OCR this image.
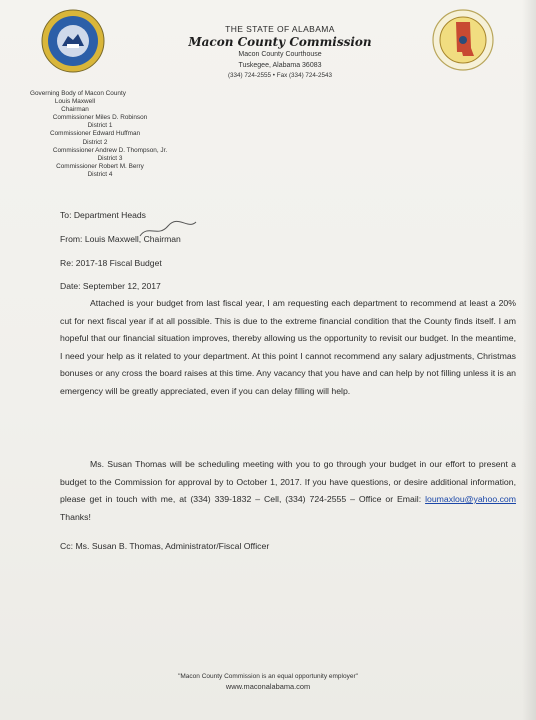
THE STATE OF ALABAMA
Macon County Commission
Macon County Courthouse
Tuskegee, Alabama 36083
(334) 724-2555 • Fax (334) 724-2543
Governing Body of Macon County
Louis Maxwell
Chairman
Commissioner Miles D. Robinson
District 1
Commissioner Edward Huffman
District 2
Commissioner Andrew D. Thompson, Jr.
District 3
Commissioner Robert M. Berry
District 4
To: Department Heads
From: Louis Maxwell, Chairman
Re: 2017-18 Fiscal Budget
Date: September 12, 2017

Attached is your budget from last fiscal year, I am requesting each department to recommend at least a 20% cut for next fiscal year if at all possible. This is due to the extreme financial condition that the County finds itself. I am hopeful that our financial situation improves, thereby allowing us the opportunity to revisit our budget. In the meantime, I need your help as it related to your department. At this point I cannot recommend any salary adjustments, Christmas bonuses or any cross the board raises at this time. Any vacancy that you have and can help by not filling unless it is an emergency will be greatly appreciated, even if you can delay filling will help.

Ms. Susan Thomas will be scheduling meeting with you to go through your budget in our effort to present a budget to the Commission for approval by to October 1, 2017. If you have questions, or desire additional information, please get in touch with me, at (334) 339-1832 – Cell, (334) 724-2555 – Office or Email: loumaxlou@yahoo.com Thanks!

Cc: Ms. Susan B. Thomas, Administrator/Fiscal Officer
"Macon County Commission is an equal opportunity employer"
www.maconalabama.com
